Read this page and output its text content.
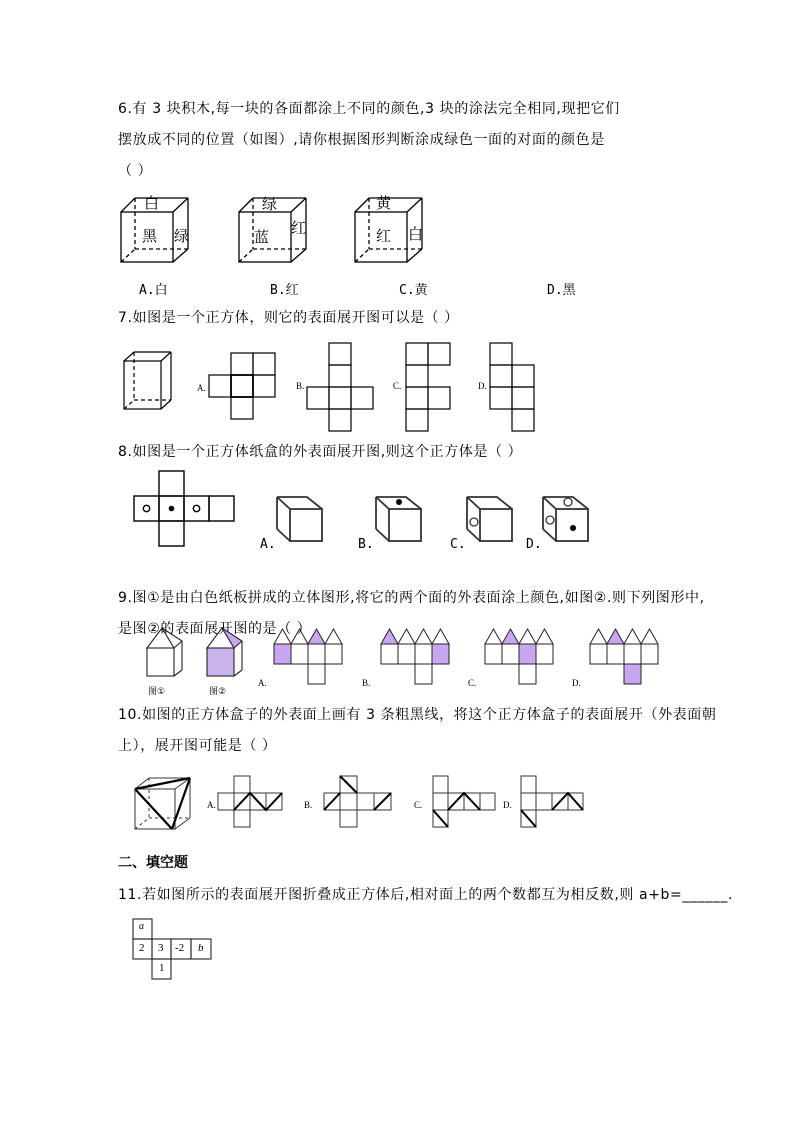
6.有 3 块积木,每一块的各面都涂上不同的颜色,3 块的涂法完全相同,现把它们
摆放成不同的位置（如图）,请你根据图形判断涂成绿色一面的对面的颜色是
（ ）
白
黑 绿
绿
蓝 红
黄
红 白
A.白	B.红	C.黄	D.黑
7.如图是一个正方体，则它的表面展开图可以是（ ）
A.	B.	C.	D.
8.如图是一个正方体纸盒的外表面展开图,则这个正方体是（ ）
A.	B.	C.	D.
9.图①是由白色纸板拼成的立体图形,将它的两个面的外表面涂上颜色,如图②.则下列图形中,
是图②的表面展开图的是（ ）
图①	图②
A.	B.	C.	D.
10.如图的正方体盒子的外表面上画有 3 条粗黑线，将这个正方体盒子的表面展开（外表面朝
上），展开图可能是（ ）
A.	B.	C.	D.
二、填空题
11.若如图所示的表面展开图折叠成正方体后,相对面上的两个数都互为相反数,则 a+b=______.
a
2 3 -2 b
1
